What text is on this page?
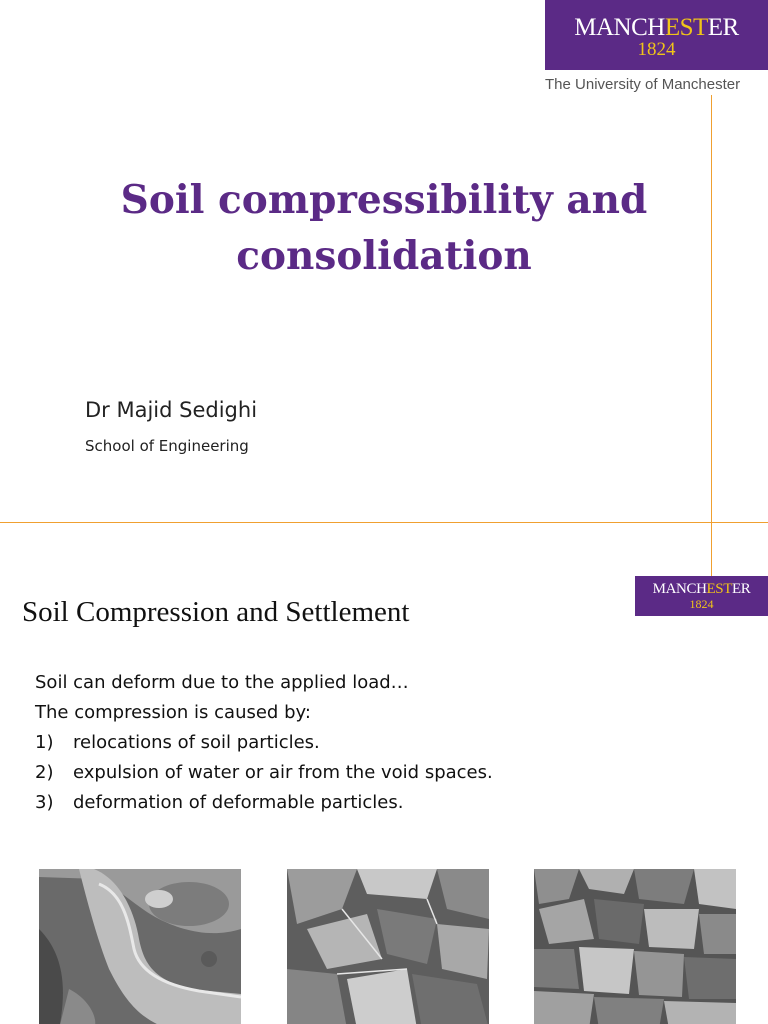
MANCHESTER
1824
The University of Manchester
Soil compressibility and
consolidation
Dr Majid Sedighi
School of Engineering
MANCHESTER
1824
Soil Compression and Settlement
Soil can deform due to the applied load…
The compression is caused by:
1) relocations of soil particles.
2) expulsion of water or air from the void spaces.
3) deformation of deformable particles.
